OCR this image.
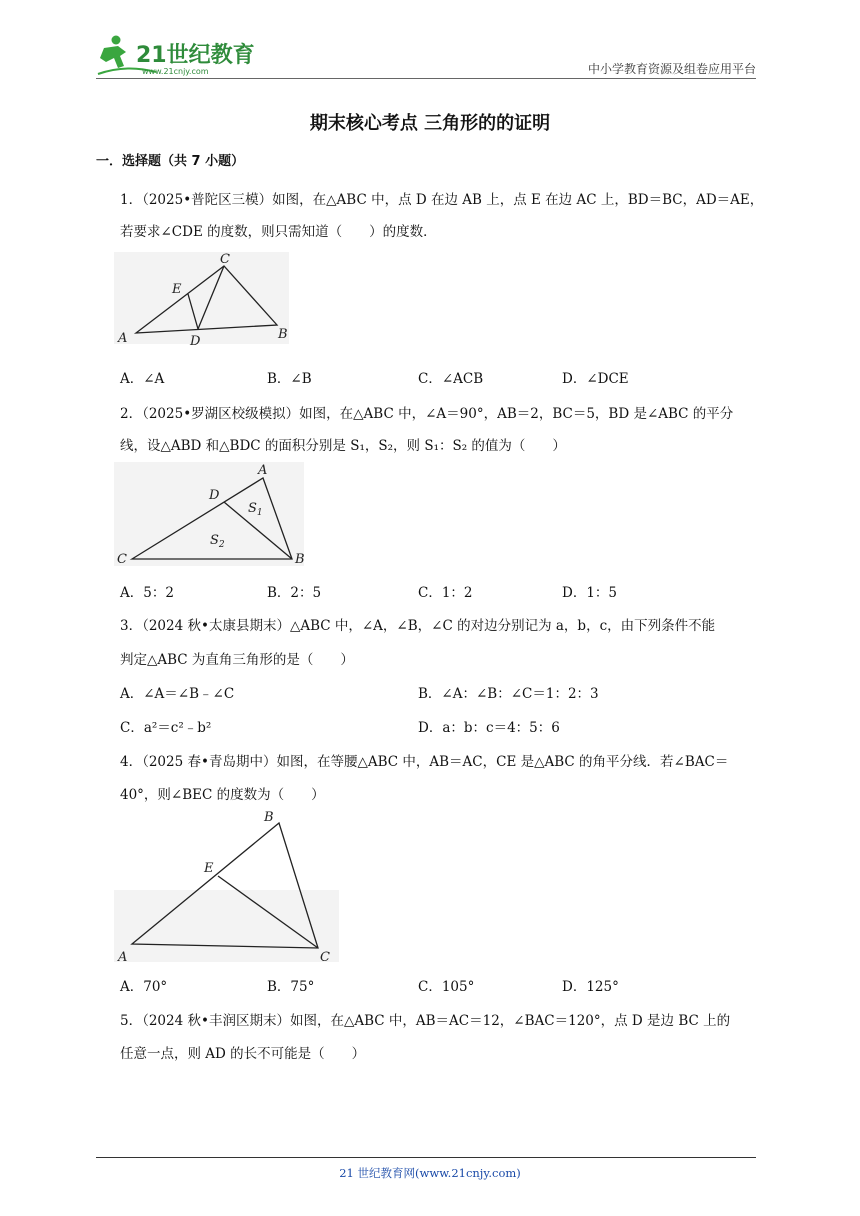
21世纪教育
www.21cnjy.com	中小学教育资源及组卷应用平台
期末核心考点 三角形的的证明
一．选择题（共 7 小题）
1．（2025•普陀区三模）如图，在△ABC 中，点 D 在边 AB 上，点 E 在边 AC 上，BD＝BC，AD＝AE，
若要求∠CDE 的度数，则只需知道（　　）的度数．
A	B
C
D
E
A．∠A	B．∠B	C．∠ACB	D．∠DCE
2．（2025•罗湖区校级模拟）如图，在△ABC 中，∠A＝90°，AB＝2，BC＝5，BD 是∠ABC 的平分
线，设△ABD 和△BDC 的面积分别是 S₁，S₂，则 S₁：S₂ 的值为（　　）
A
B
C
D
$S_1$
$S_2$
A．5：2	B．2：5	C．1：2	D．1：5
3．（2024 秋•太康县期末）△ABC 中，∠A，∠B，∠C 的对边分别记为 a，b，c，由下列条件不能
判定△ABC 为直角三角形的是（　　）
A．∠A＝∠B﹣∠C	B．∠A：∠B：∠C＝1：2：3
C．a²＝c²﹣b²	D．a：b：c＝4：5：6
4．（2025 春•青岛期中）如图，在等腰△ABC 中，AB＝AC，CE 是△ABC 的角平分线．若∠BAC＝
40°，则∠BEC 的度数为（　　）
A
B
C
E
A．70°	B．75°	C．105°	D．125°
5．（2024 秋•丰润区期末）如图，在△ABC 中，AB＝AC＝12，∠BAC＝120°，点 D 是边 BC 上的
任意一点，则 AD 的长不可能是（　　）
21 世纪教育网(www.21cnjy.com)
